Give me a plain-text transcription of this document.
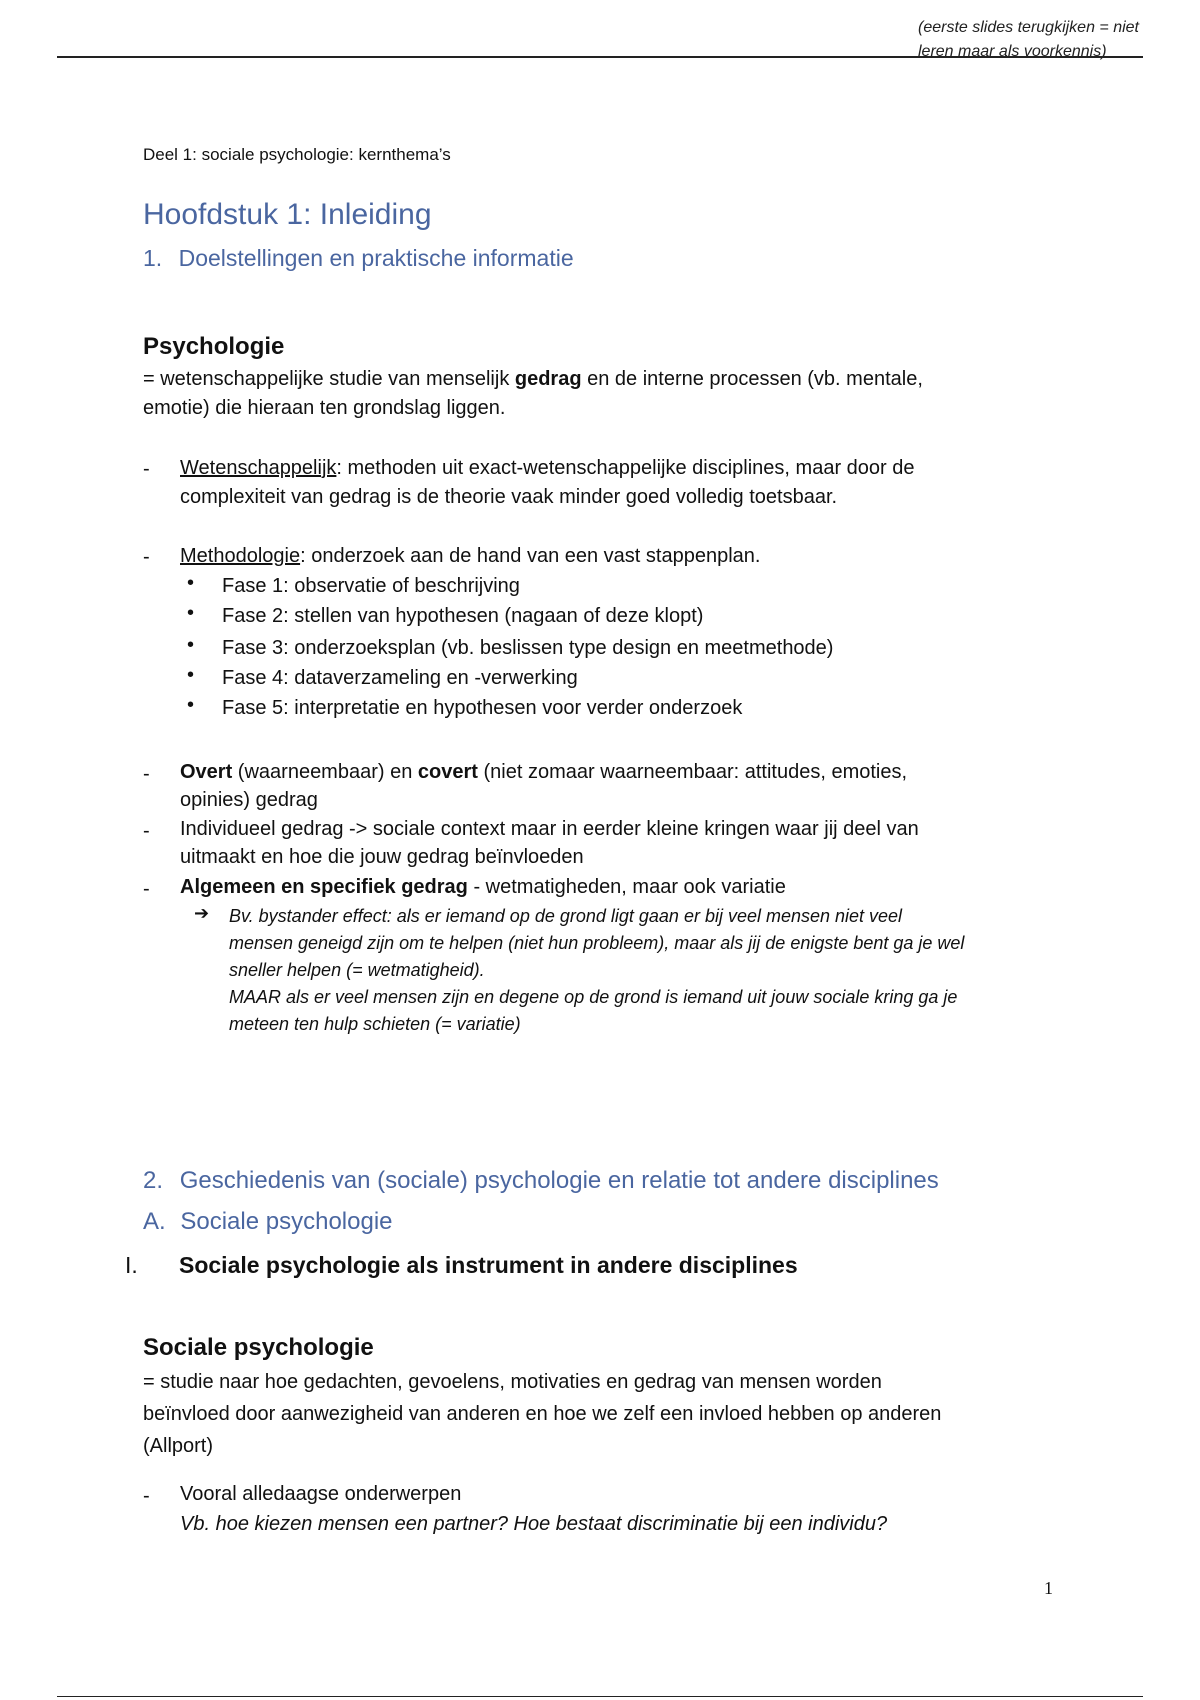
(eerste slides terugkijken = niet
leren maar als voorkennis)
Deel 1: sociale psychologie: kernthema’s
Hoofdstuk 1: Inleiding
1. Doelstellingen en praktische informatie
Psychologie
= wetenschappelijke studie van menselijk gedrag en de interne processen (vb. mentale,
emotie) die hieraan ten grondslag liggen.
- Wetenschappelijk: methoden uit exact-wetenschappelijke disciplines, maar door de
complexiteit van gedrag is de theorie vaak minder goed volledig toetsbaar.
- Methodologie: onderzoek aan de hand van een vast stappenplan.
• Fase 1: observatie of beschrijving
• Fase 2: stellen van hypothesen (nagaan of deze klopt)
• Fase 3: onderzoeksplan (vb. beslissen type design en meetmethode)
• Fase 4: dataverzameling en -verwerking
• Fase 5: interpretatie en hypothesen voor verder onderzoek
- Overt (waarneembaar) en covert (niet zomaar waarneembaar: attitudes, emoties,
opinies) gedrag
- Individueel gedrag -> sociale context maar in eerder kleine kringen waar jij deel van
uitmaakt en hoe die jouw gedrag beïnvloeden
- Algemeen en specifiek gedrag - wetmatigheden, maar ook variatie
➔ Bv. bystander effect: als er iemand op de grond ligt gaan er bij veel mensen niet veel
mensen geneigd zijn om te helpen (niet hun probleem), maar als jij de enigste bent ga je wel
sneller helpen (= wetmatigheid).
MAAR als er veel mensen zijn en degene op de grond is iemand uit jouw sociale kring ga je
meteen ten hulp schieten (= variatie)
2. Geschiedenis van (sociale) psychologie en relatie tot andere disciplines
A. Sociale psychologie
I. Sociale psychologie als instrument in andere disciplines
Sociale psychologie
= studie naar hoe gedachten, gevoelens, motivaties en gedrag van mensen worden
beïnvloed door aanwezigheid van anderen en hoe we zelf een invloed hebben op anderen
(Allport)
- Vooral alledaagse onderwerpen
Vb. hoe kiezen mensen een partner? Hoe bestaat discriminatie bij een individu?
1
